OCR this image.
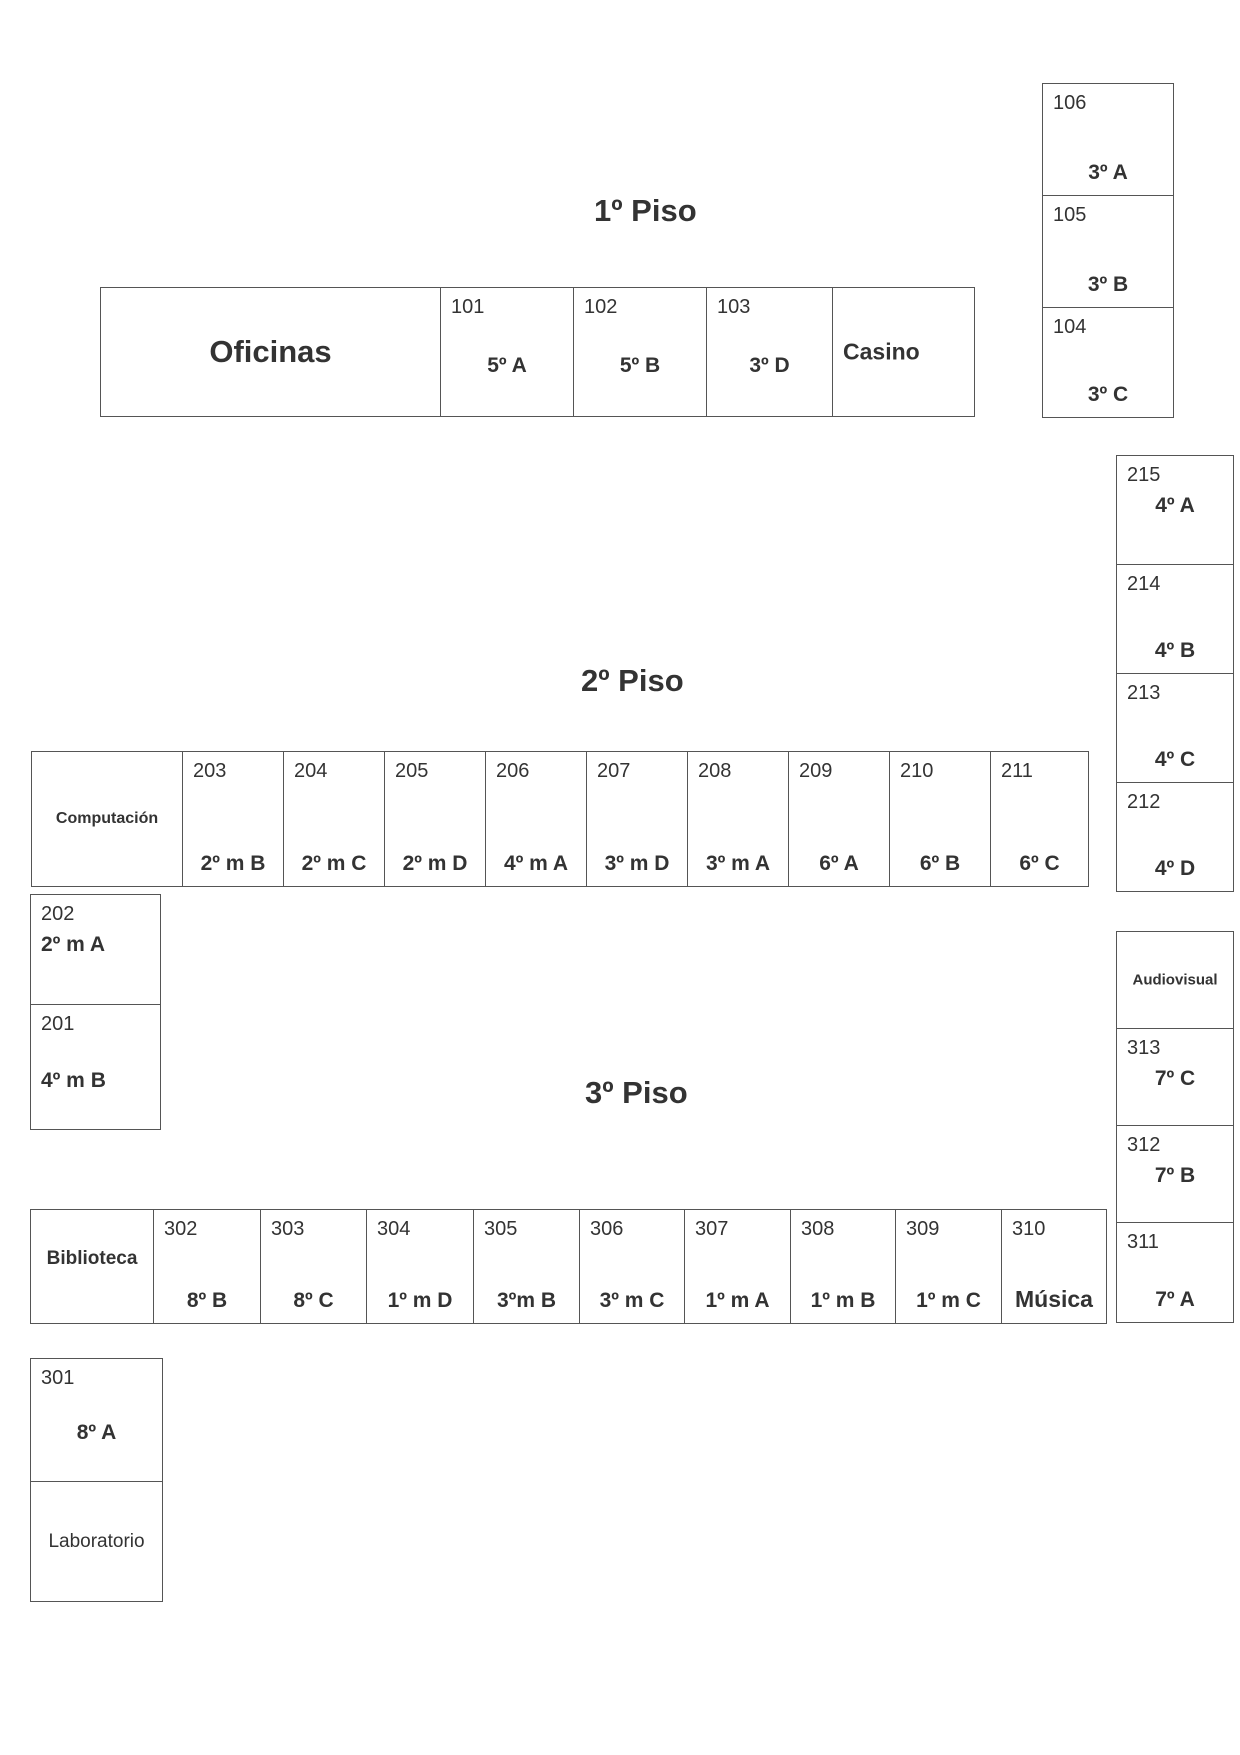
1º Piso
2º Piso
3º Piso
Oficinas
101
5º A
102
5º B
103
3º D
Casino
106
3º A
105
3º B
104
3º C
Computación
203
2º m B
204
2º m C
205
2º m D
206
4º m A
207
3º m D
208
3º m A
209
6º A
210
6º B
211
6º C
215
4º A
214
4º B
213
4º C
212
4º D
202
2º m A
201
4º m B
Audiovisual
313
7º C
312
7º B
311
7º A
Biblioteca
302
8º B
303
8º C
304
1º m D
305
3ºm B
306
3º m C
307
1º m A
308
1º m B
309
1º m C
310
Música
301
8º A
Laboratorio
